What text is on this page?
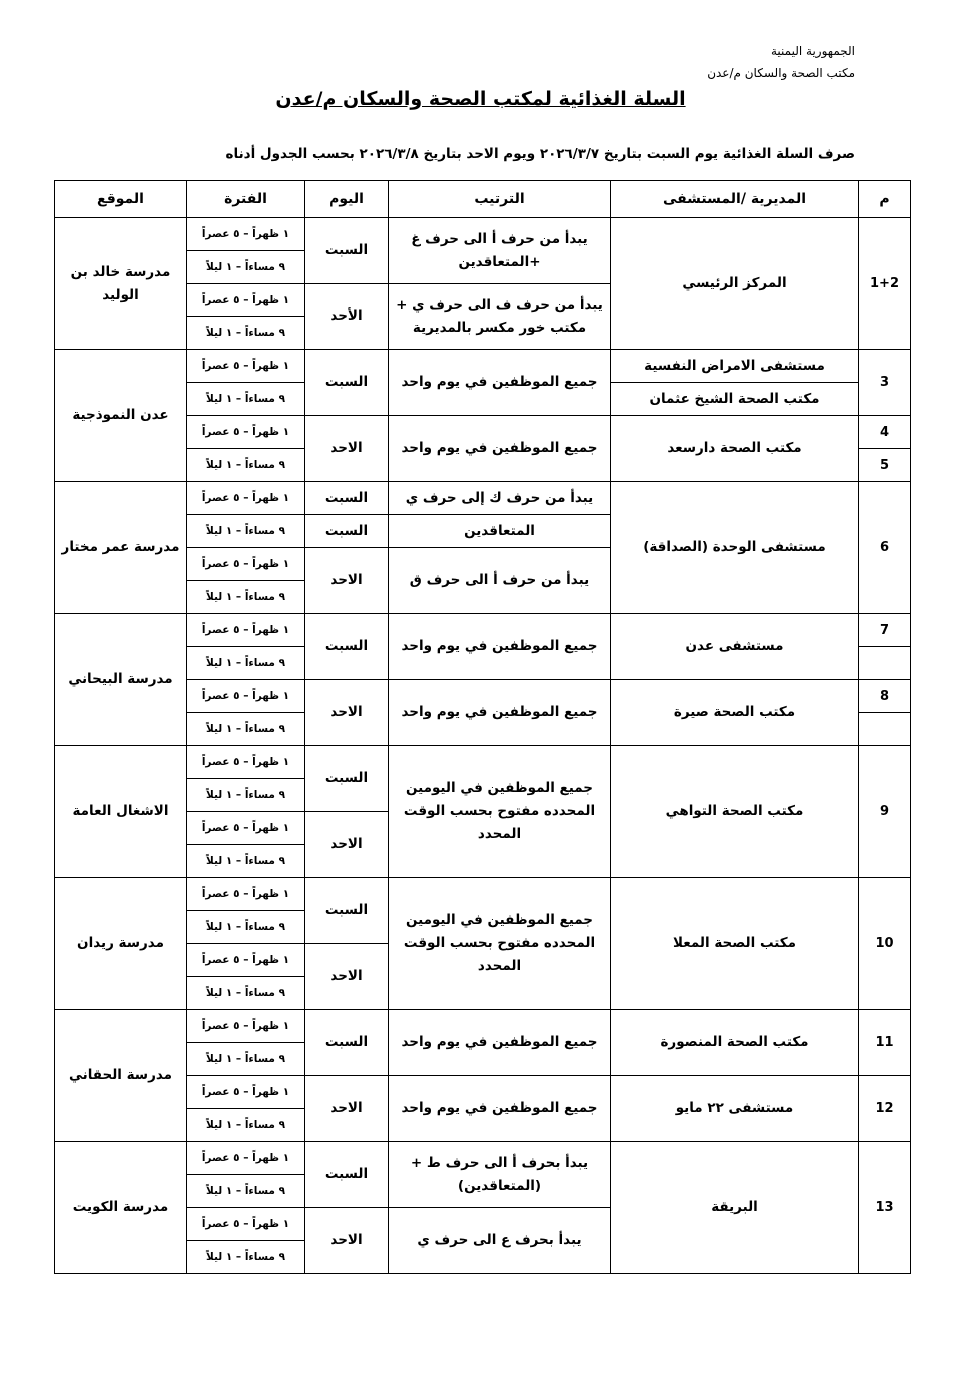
الجمهورية اليمنية
مكتب الصحة والسكان م/عدن
السلة الغذائية لمكتب الصحة والسكان م/عدن
صرف السلة الغذائية يوم السبت بتاريخ ٢٠٢٦/٣/٧ ويوم الاحد بتاريخ ٢٠٢٦/٣/٨ بحسب الجدول أدناه
م	المديرية /المستشفى	الترتيب	اليوم	الفترة	الموقع
1+2	المركز الرئيسي	يبدأ من حرف أ الى حرف غ +المتعاقدين	السبت	١ ظهراً – ٥ عصراً	مدرسة خالد بن الوليد
				٩ مساءاً – ١ ليلاً	
		يبدأ من حرف ف الى حرف ي + مكتب خور مكسر بالمديرية	الأحد	١ ظهراً – ٥ عصراً	
				٩ مساءاً – ١ ليلاً	
3	مستشفى الامراض النفسية	جميع الموظفين في يوم واحد	السبت	١ ظهراً – ٥ عصراً	عدن النموذجية
	مكتب الصحة الشيخ عثمان			٩ مساءاً – ١ ليلاً	
4	مكتب الصحة دارسعد	جميع الموظفين في يوم واحد	الاحد	١ ظهراً – ٥ عصراً	
5				٩ مساءاً – ١ ليلاً	
6	مستشفى الوحدة (الصداقة)	يبدأ من حرف ك إلى حرف ي	السبت	١ ظهراً – ٥ عصراً	مدرسة عمر مختار
		المتعاقدين	السبت	٩ مساءاً – ١ ليلاً	
		يبدأ من حرف أ الى حرف ق	الاحد	١ ظهراً – ٥ عصراً	
				٩ مساءاً – ١ ليلاً	
7	مستشفى عدن	جميع الموظفين في يوم واحد	السبت	١ ظهراً – ٥ عصراً	مدرسة البيحاني
				٩ مساءاً – ١ ليلاً	
8	مكتب الصحة صيرة	جميع الموظفين في يوم واحد	الاحد	١ ظهراً – ٥ عصراً	
				٩ مساءاً – ١ ليلاً	
9	مكتب الصحة التواهي	جميع الموظفين في اليومين المحدده مفتوح بحسب الوقت المحدد	السبت	١ ظهراً – ٥ عصراً	الاشغال العامة
				٩ مساءاً – ١ ليلاً	
			الاحد	١ ظهراً – ٥ عصراً	
				٩ مساءاً – ١ ليلاً	
10	مكتب الصحة المعلا	جميع الموظفين في اليومين المحدده مفتوح بحسب الوقت المحدد	السبت	١ ظهراً – ٥ عصراً	مدرسة ريدان
				٩ مساءاً – ١ ليلاً	
			الاحد	١ ظهراً – ٥ عصراً	
				٩ مساءاً – ١ ليلاً	
11	مكتب الصحة المنصورة	جميع الموظفين في يوم واحد	السبت	١ ظهراً – ٥ عصراً	مدرسة الحقاني
				٩ مساءاً – ١ ليلاً	
12	مستشفى ٢٢ مايو	جميع الموظفين في يوم واحد	الاحد	١ ظهراً – ٥ عصراً	
				٩ مساءاً – ١ ليلاً	
13	البريقة	يبدأ بحرف أ الى حرف ط +(المتعاقدين)	السبت	١ ظهراً – ٥ عصراً	مدرسة الكويت
				٩ مساءاً – ١ ليلاً	
		يبدأ بحرف ع الى حرف ي	الاحد	١ ظهراً – ٥ عصراً	
				٩ مساءاً – ١ ليلاً	
